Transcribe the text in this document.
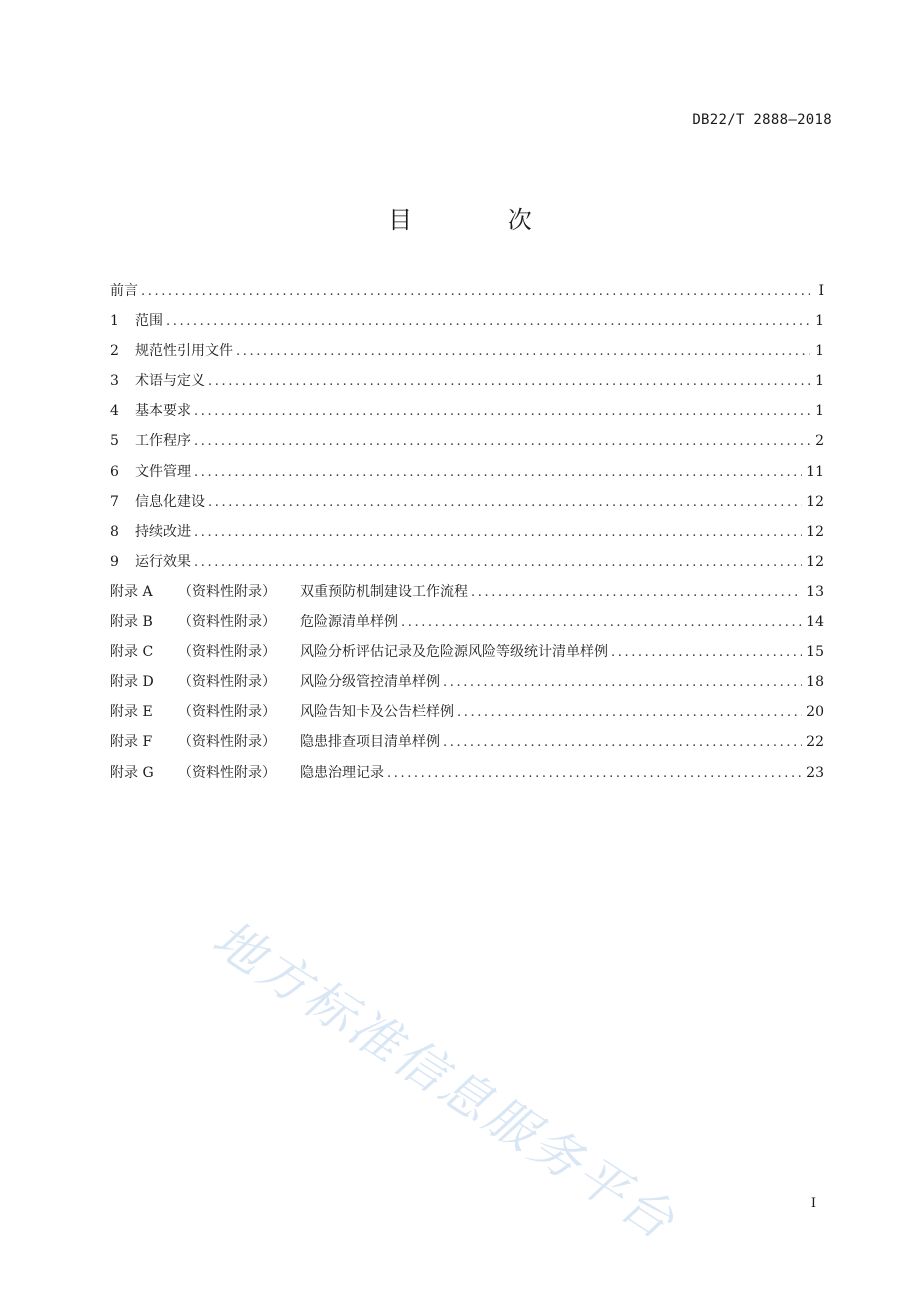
DB22/T 2888—2018
目 次
前言 .....	I
1	范围 .....	1
2	规范性引用文件 .....	1
3	术语与定义 .....	1
4	基本要求 .....	1
5	工作程序 .....	2
6	文件管理 .....	11
7	信息化建设 .....	12
8	持续改进 .....	12
9	运行效果 .....	12
附录 A	（资料性附录）	双重预防机制建设工作流程 .....	13
附录 B	（资料性附录）	危险源清单样例 .....	14
附录 C	（资料性附录）	风险分析评估记录及危险源风险等级统计清单样例 .....	15
附录 D	（资料性附录）	风险分级管控清单样例 .....	18
附录 E	（资料性附录）	风险告知卡及公告栏样例 .....	20
附录 F	（资料性附录）	隐患排查项目清单样例 .....	22
附录 G	（资料性附录）	隐患治理记录 .....	23
地方标准信息服务平台	I
